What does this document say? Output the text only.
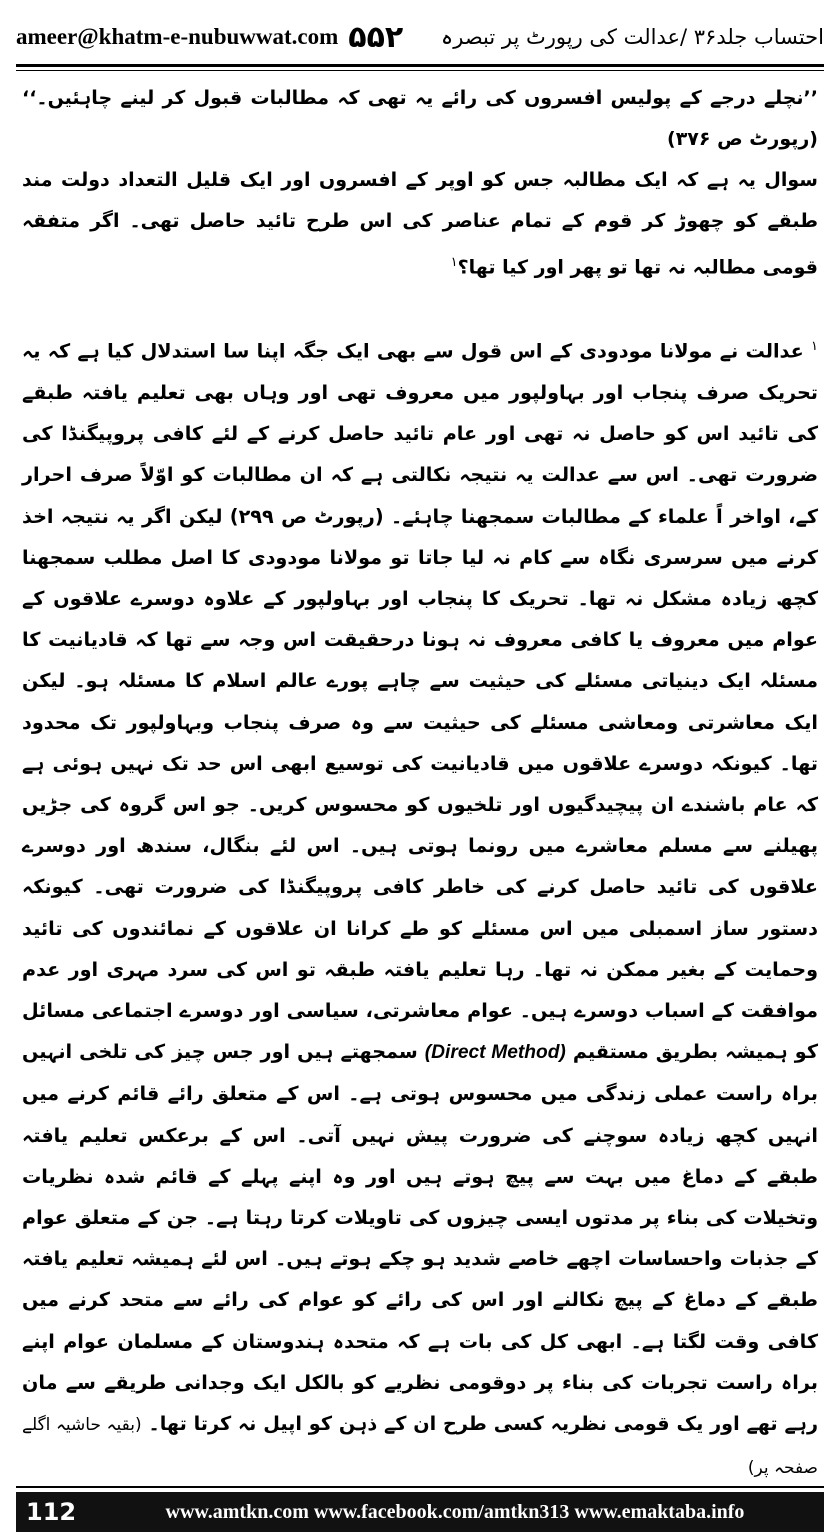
ameer@khatm-e-nubuwwat.com ۵۵۲ احتساب جلد۳۶ /عدالت کی رپورٹ پر تبصرہ

’’نچلے درجے کے پولیس افسروں کی رائے یہ تھی کہ مطالبات قبول کر لینے چاہئیں۔‘‘ (رپورٹ ص ۳۷۶)

سوال یہ ہے کہ ایک مطالبہ جس کو اوپر کے افسروں اور ایک قلیل التعداد دولت مند طبقے کو چھوڑ کر قوم کے تمام عناصر کی اس طرح تائید حاصل تھی۔ اگر متفقہ قومی مطالبہ نہ تھا تو پھر اور کیا تھا؟$^۱$

$^۱$ عدالت نے مولانا مودودی کے اس قول سے بھی ایک جگہ اپنا سا استدلال کیا ہے کہ یہ تحریک صرف پنجاب اور بہاولپور میں معروف تھی اور وہاں بھی تعلیم یافتہ طبقے کی تائید اس کو حاصل نہ تھی اور عام تائید حاصل کرنے کے لئے کافی پروپیگنڈا کی ضرورت تھی۔ اس سے عدالت یہ نتیجہ نکالتی ہے کہ ان مطالبات کو اوّلاً صرف احرار کے، اواخر اً علماء کے مطالبات سمجھنا چاہئے۔ (رپورٹ ص ۲۹۹) لیکن اگر یہ نتیجہ اخذ کرنے میں سرسری نگاہ سے کام نہ لیا جاتا تو مولانا مودودی کا اصل مطلب سمجھنا کچھ زیادہ مشکل نہ تھا۔ تحریک کا پنجاب اور بہاولپور کے علاوہ دوسرے علاقوں کے عوام میں معروف یا کافی معروف نہ ہونا درحقیقت اس وجہ سے تھا کہ قادیانیت کا مسئلہ ایک دینیاتی مسئلے کی حیثیت سے چاہے پورے عالم اسلام کا مسئلہ ہو۔ لیکن ایک معاشرتی ومعاشی مسئلے کی حیثیت سے وہ صرف پنجاب وبہاولپور تک محدود تھا۔ کیونکہ دوسرے علاقوں میں قادیانیت کی توسیع ابھی اس حد تک نہیں ہوئی ہے کہ عام باشندے ان پیچیدگیوں اور تلخیوں کو محسوس کریں۔ جو اس گروہ کی جڑیں پھیلنے سے مسلم معاشرے میں رونما ہوتی ہیں۔ اس لئے بنگال، سندھ اور دوسرے علاقوں کی تائید حاصل کرنے کی خاطر کافی پروپیگنڈا کی ضرورت تھی۔ کیونکہ دستور ساز اسمبلی میں اس مسئلے کو طے کرانا ان علاقوں کے نمائندوں کی تائید وحمایت کے بغیر ممکن نہ تھا۔ رہا تعلیم یافتہ طبقہ تو اس کی سرد مہری اور عدم موافقت کے اسباب دوسرے ہیں۔ عوام معاشرتی، سیاسی اور دوسرے اجتماعی مسائل کو ہمیشہ بطریق مستقیم (Direct Method) سمجھتے ہیں اور جس چیز کی تلخی انہیں براہ راست عملی زندگی میں محسوس ہوتی ہے۔ اس کے متعلق رائے قائم کرنے میں انہیں کچھ زیادہ سوچنے کی ضرورت پیش نہیں آتی۔ اس کے برعکس تعلیم یافتہ طبقے کے دماغ میں بہت سے پیچ ہوتے ہیں اور وہ اپنے پہلے کے قائم شدہ نظریات وتخیلات کی بناء پر مدتوں ایسی چیزوں کی تاویلات کرتا رہتا ہے۔ جن کے متعلق عوام کے جذبات واحساسات اچھے خاصے شدید ہو چکے ہوتے ہیں۔ اس لئے ہمیشہ تعلیم یافتہ طبقے کے دماغ کے پیچ نکالنے اور اس کی رائے کو عوام کی رائے سے متحد کرنے میں کافی وقت لگتا ہے۔ ابھی کل کی بات ہے کہ متحدہ ہندوستان کے مسلمان عوام اپنے براہ راست تجربات کی بناء پر دوقومی نظریے کو بالکل ایک وجدانی طریقے سے مان رہے تھے اور یک قومی نظریہ کسی طرح ان کے ذہن کو اپیل نہ کرتا تھا۔ (بقیہ حاشیہ اگلے صفحہ پر)

112	www.amtkn.com www.facebook.com/amtkn313 www.emaktaba.info
